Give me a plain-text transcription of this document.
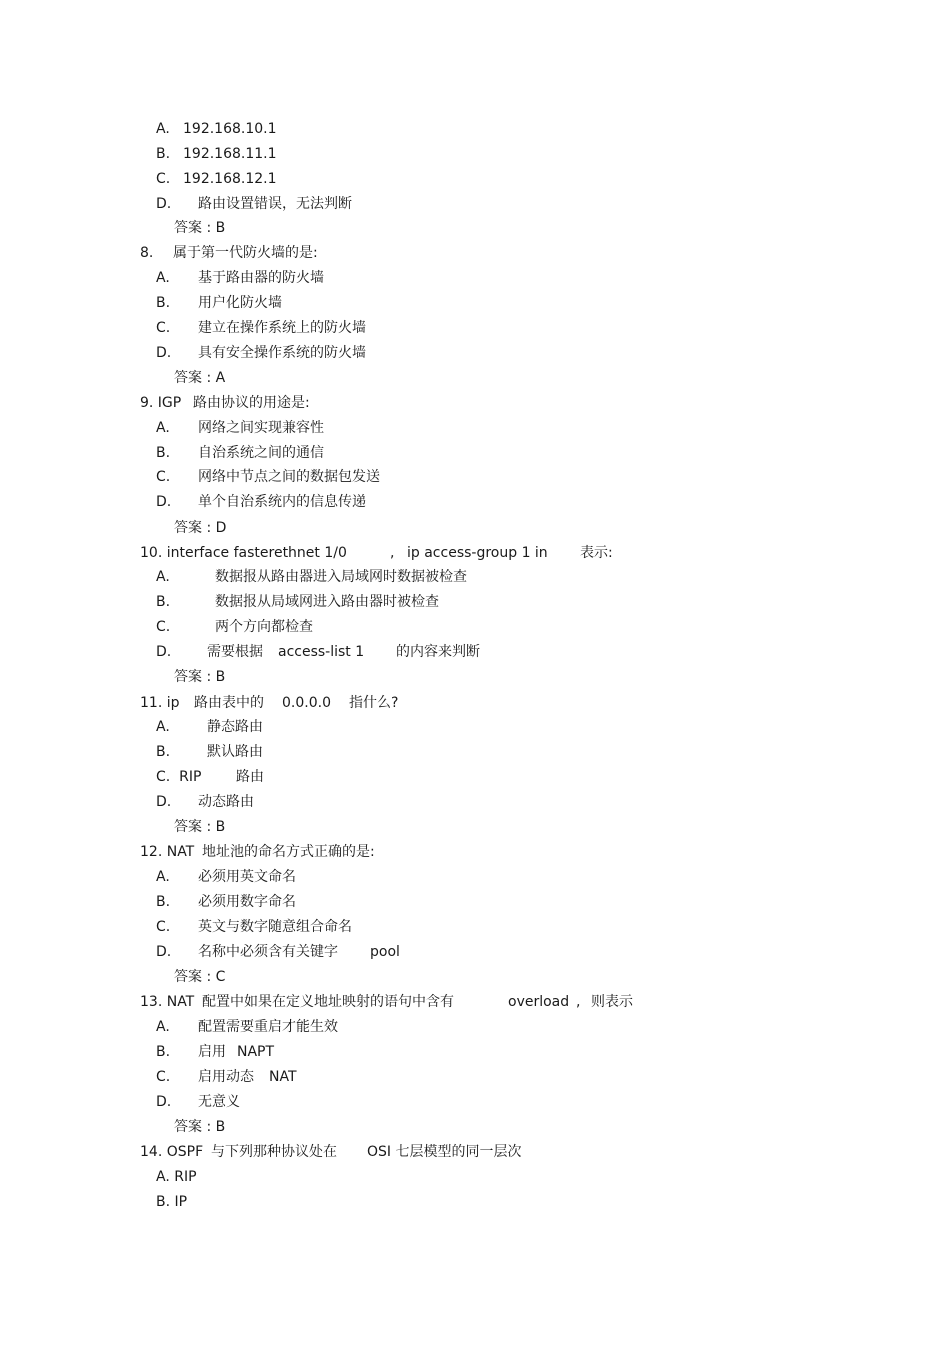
A. 192.168.10.1
B. 192.168.11.1
C. 192.168.12.1
D. 路由设置错误，无法判断
答案 : B
8. 属于第一代防火墙的是:
A. 基于路由器的防火墙
B. 用户化防火墙
C. 建立在操作系统上的防火墙
D. 具有安全操作系统的防火墙
答案 : A
9. IGP 路由协议的用途是:
A. 网络之间实现兼容性
B. 自治系统之间的通信
C. 网络中节点之间的数据包发送
D. 单个自治系统内的信息传递
答案 : D
10. interface fasterethnet 1/0	, ip access-group 1 in 表示:
A.	数据报从路由器进入局域网时数据被检查
B.	数据报从局域网进入路由器时被检查
C.	两个方向都检查
D.	需要根据 access-list 1 的内容来判断
答案 : B
11. ip 路由表中的 0.0.0.0 指什么?
A.	静态路由
B.	默认路由
C.  RIP 路由
D. 动态路由
答案 : B
12. NAT 地址池的命名方式正确的是:
A. 必须用英文命名
B. 必须用数字命名
C. 英文与数字随意组合命名
D. 名称中必须含有关键字 pool
答案 : C
13. NAT 配置中如果在定义地址映射的语句中含有	overload , 则表示
A. 配置需要重启才能生效
B. 启用 NAPT
C. 启用动态 NAT
D. 无意义
答案 : B
14. OSPF 与下列那种协议处在 OSI 七层模型的同一层次
A. RIP
B. IP
